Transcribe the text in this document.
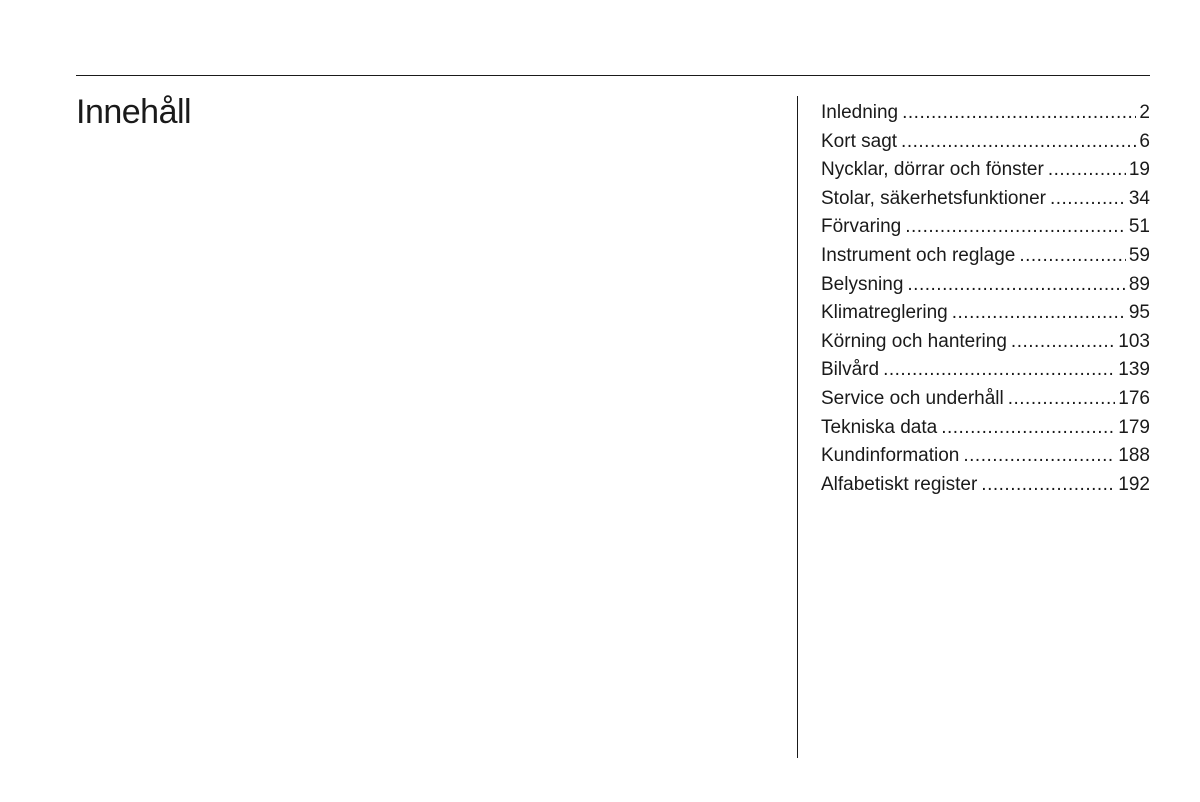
Innehåll	Inledning .....	2
Kort sagt .....	6
Nycklar, dörrar och fönster .....	19
Stolar, säkerhetsfunktioner .....	34
Förvaring .....	51
Instrument och reglage .....	59
Belysning .....	89
Klimatreglering .....	95
Körning och hantering .....	103
Bilvård .....	139
Service och underhåll .....	176
Tekniska data .....	179
Kundinformation .....	188
Alfabetiskt register .....	192
